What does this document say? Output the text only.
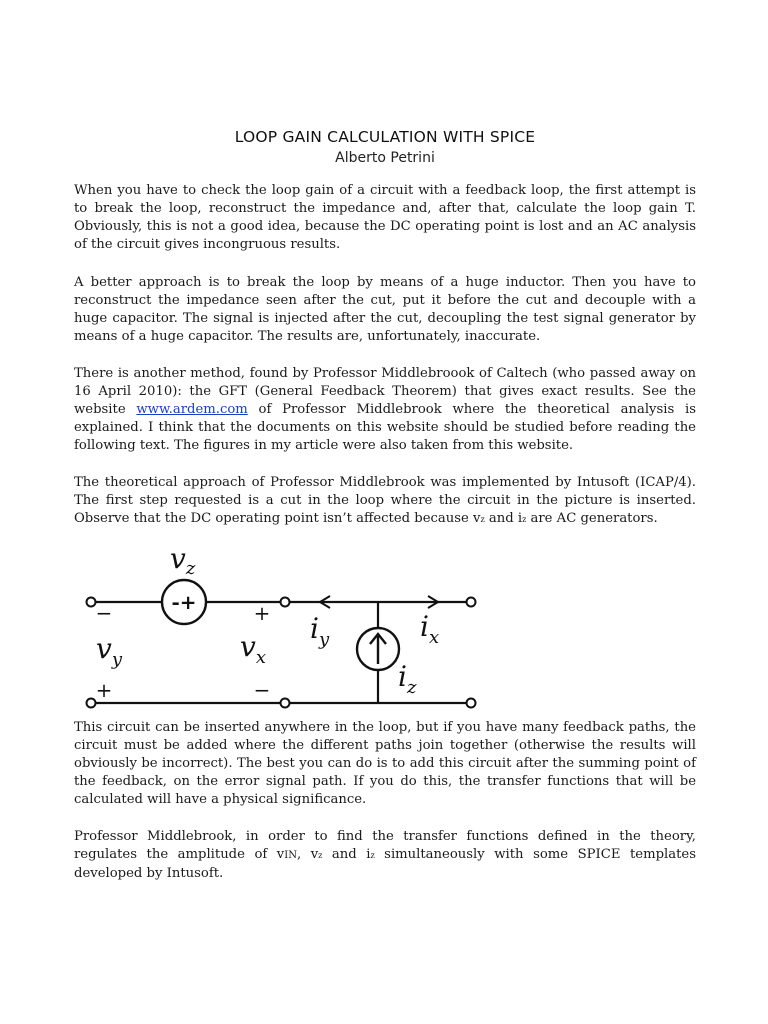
LOOP GAIN CALCULATION WITH SPICE
Alberto Petrini

When you have to check the loop gain of a circuit with a feedback loop, the first attempt is to break the loop, reconstruct the impedance and, after that, calculate the loop gain T. Obviously, this is not a good idea, because the DC operating point is lost and an AC analysis of the circuit gives incongruous results.

A better approach is to break the loop by means of a huge inductor. Then you have to reconstruct the impedance seen after the cut, put it before the cut and decouple with a huge capacitor. The signal is injected after the cut, decoupling the test signal generator by means of a huge capacitor. The results are, unfortunately, inaccurate.

There is another method, found by Professor Middlebroook of Caltech (who passed away on 16 April 2010): the GFT (General Feedback Theorem) that gives exact results. See the website www.ardem.com of Professor Middlebrook where the theoretical analysis is explained. I think that the documents on this website should be studied before reading the following text. The figures in my article were also taken from this website.

The theoretical approach of Professor Middlebrook was implemented by Intusoft (ICAP/4). The first step requested is a cut in the loop where the circuit in the picture is inserted. Observe that the DC operating point isn’t affected because vz and iz are AC generators.

This circuit can be inserted anywhere in the loop, but if you have many feedback paths, the circuit must be added where the different paths join together (otherwise the results will obviously be incorrect). The best you can do is to add this circuit after the summing point of the feedback, on the error signal path. If you do this, the transfer functions that will be calculated will have a physical significance.

Professor Middlebrook, in order to find the transfer functions defined in the theory, regulates the amplitude of vIN, vz and iz simultaneously with some SPICE templates developed by Intusoft.

-+
−
+
+
−
$v_z$
$v_y$	$v_x$
$i_y$	$i_x$
$i_z$
